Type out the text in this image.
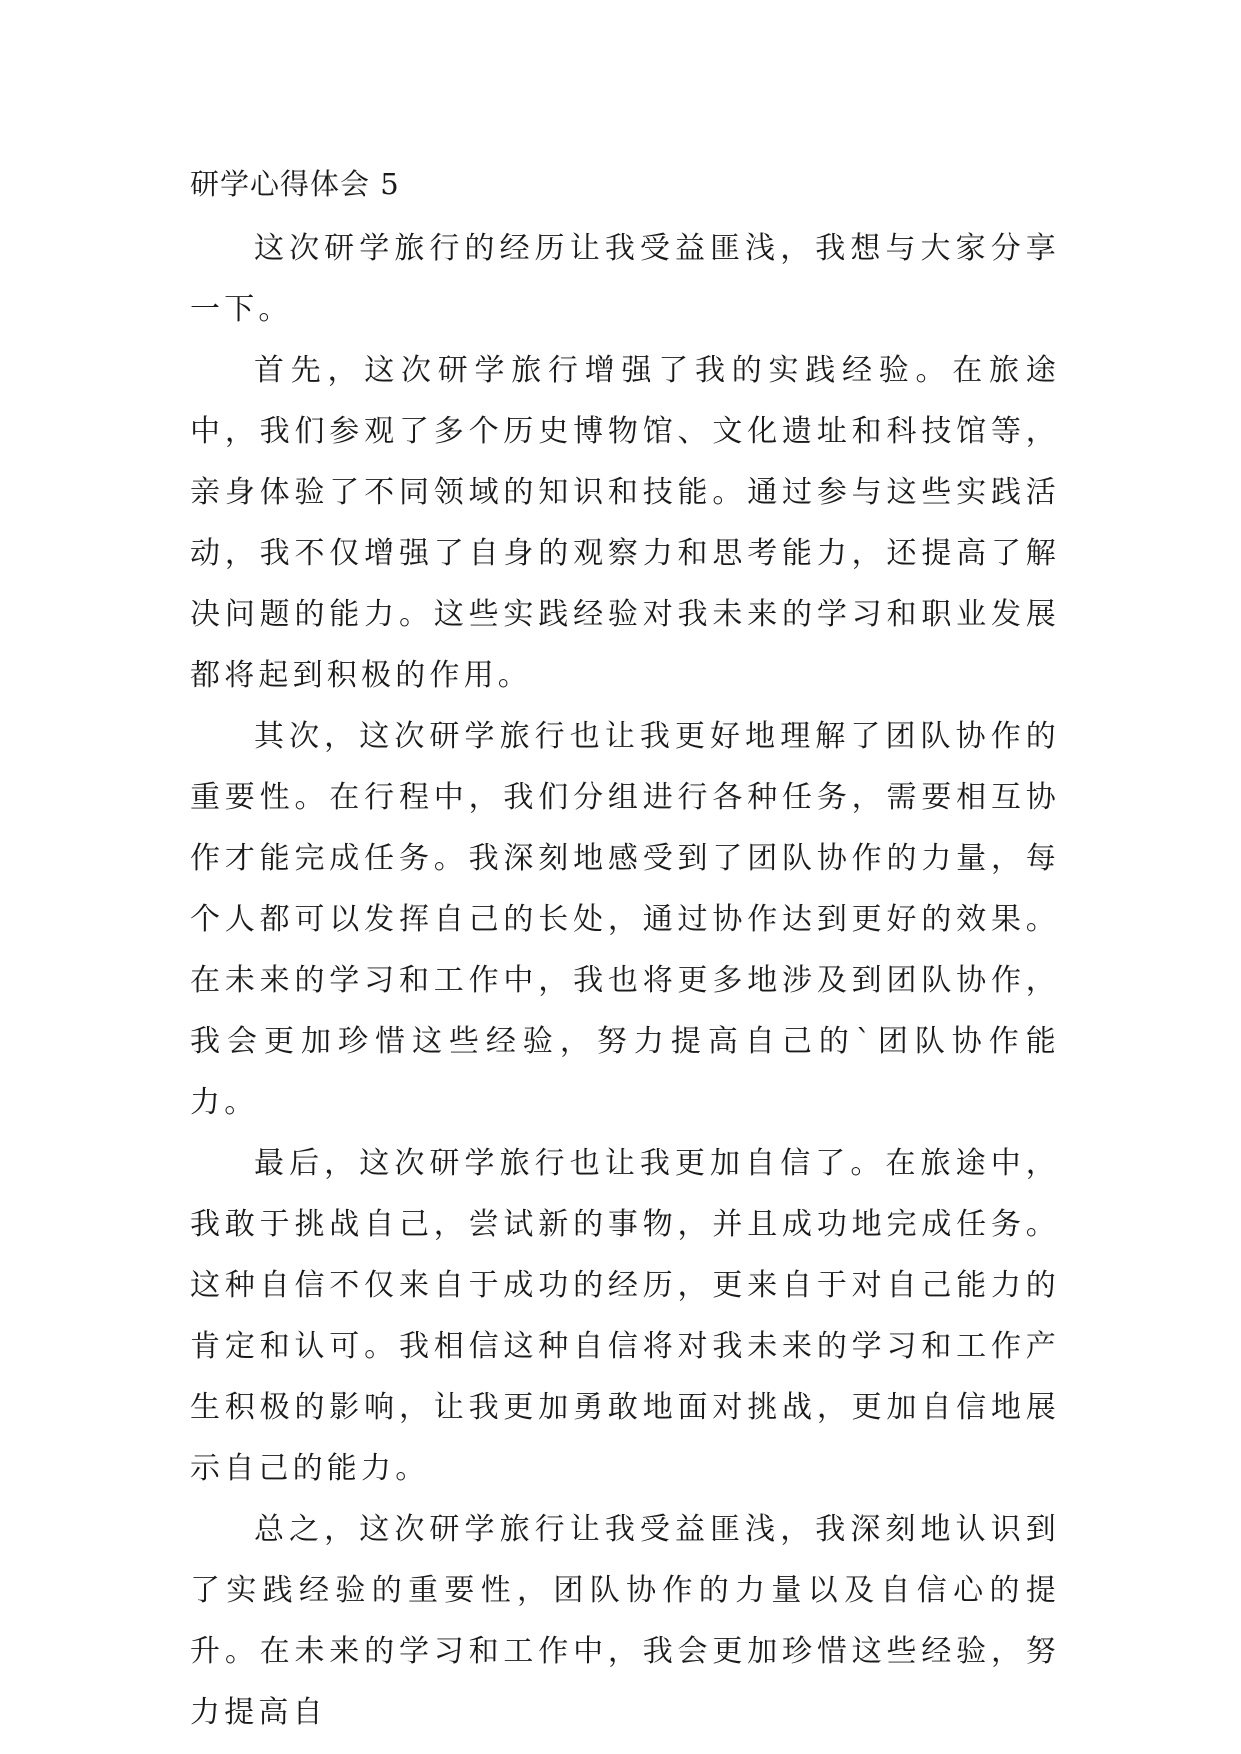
研学心得体会 5

这次研学旅行的经历让我受益匪浅，我想与大家分享一下。

首先，这次研学旅行增强了我的实践经验。在旅途中，我们参观了多个历史博物馆、文化遗址和科技馆等，亲身体验了不同领域的知识和技能。通过参与这些实践活动，我不仅增强了自身的观察力和思考能力，还提高了解决问题的能力。这些实践经验对我未来的学习和职业发展都将起到积极的作用。

其次，这次研学旅行也让我更好地理解了团队协作的重要性。在行程中，我们分组进行各种任务，需要相互协作才能完成任务。我深刻地感受到了团队协作的力量，每个人都可以发挥自己的长处，通过协作达到更好的效果。在未来的学习和工作中，我也将更多地涉及到团队协作，我会更加珍惜这些经验，努力提高自己的`团队协作能力。

最后，这次研学旅行也让我更加自信了。在旅途中，我敢于挑战自己，尝试新的事物，并且成功地完成任务。这种自信不仅来自于成功的经历，更来自于对自己能力的肯定和认可。我相信这种自信将对我未来的学习和工作产生积极的影响，让我更加勇敢地面对挑战，更加自信地展示自己的能力。

总之，这次研学旅行让我受益匪浅，我深刻地认识到了实践经验的重要性，团队协作的力量以及自信心的提升。在未来的学习和工作中，我会更加珍惜这些经验，努力提高自
